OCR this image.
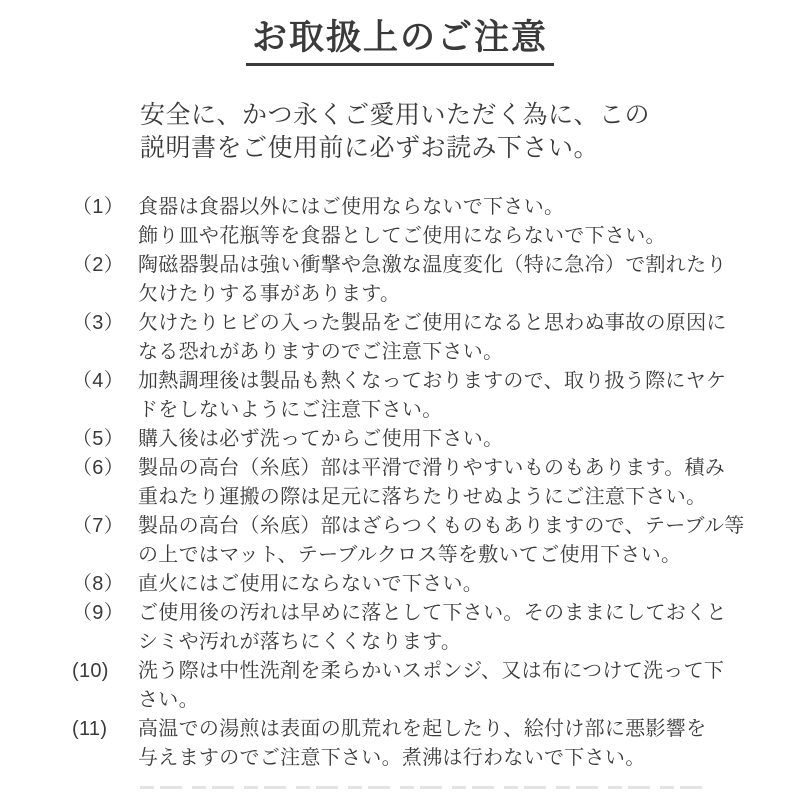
お取扱上のご注意

安全に、かつ永くご愛用いただく為に、この
説明書をご使用前に必ずお読み下さい。

（1） 食器は食器以外にはご使用ならないで下さい。
飾り皿や花瓶等を食器としてご使用にならないで下さい。
（2） 陶磁器製品は強い衝撃や急激な温度変化（特に急冷）で割れたり
欠けたりする事があります。
（3） 欠けたりヒビの入った製品をご使用になると思わぬ事故の原因に
なる恐れがありますのでご注意下さい。
（4） 加熱調理後は製品も熱くなっておりますので、取り扱う際にヤケ
ドをしないようにご注意下さい。
（5） 購入後は必ず洗ってからご使用下さい。
（6） 製品の高台（糸底）部は平滑で滑りやすいものもあります。積み
重ねたり運搬の際は足元に落ちたりせぬようにご注意下さい。
（7） 製品の高台（糸底）部はざらつくものもありますので、テーブル等
の上ではマット、テーブルクロス等を敷いてご使用下さい。
（8） 直火にはご使用にならないで下さい。
（9） ご使用後の汚れは早めに落として下さい。そのままにしておくと
シミや汚れが落ちにくくなります。
(10)	洗う際は中性洗剤を柔らかいスポンジ、又は布につけて洗って下
さい。
(11)	高温での湯煎は表面の肌荒れを起したり、絵付け部に悪影響を
与えますのでご注意下さい。煮沸は行わないで下さい。
